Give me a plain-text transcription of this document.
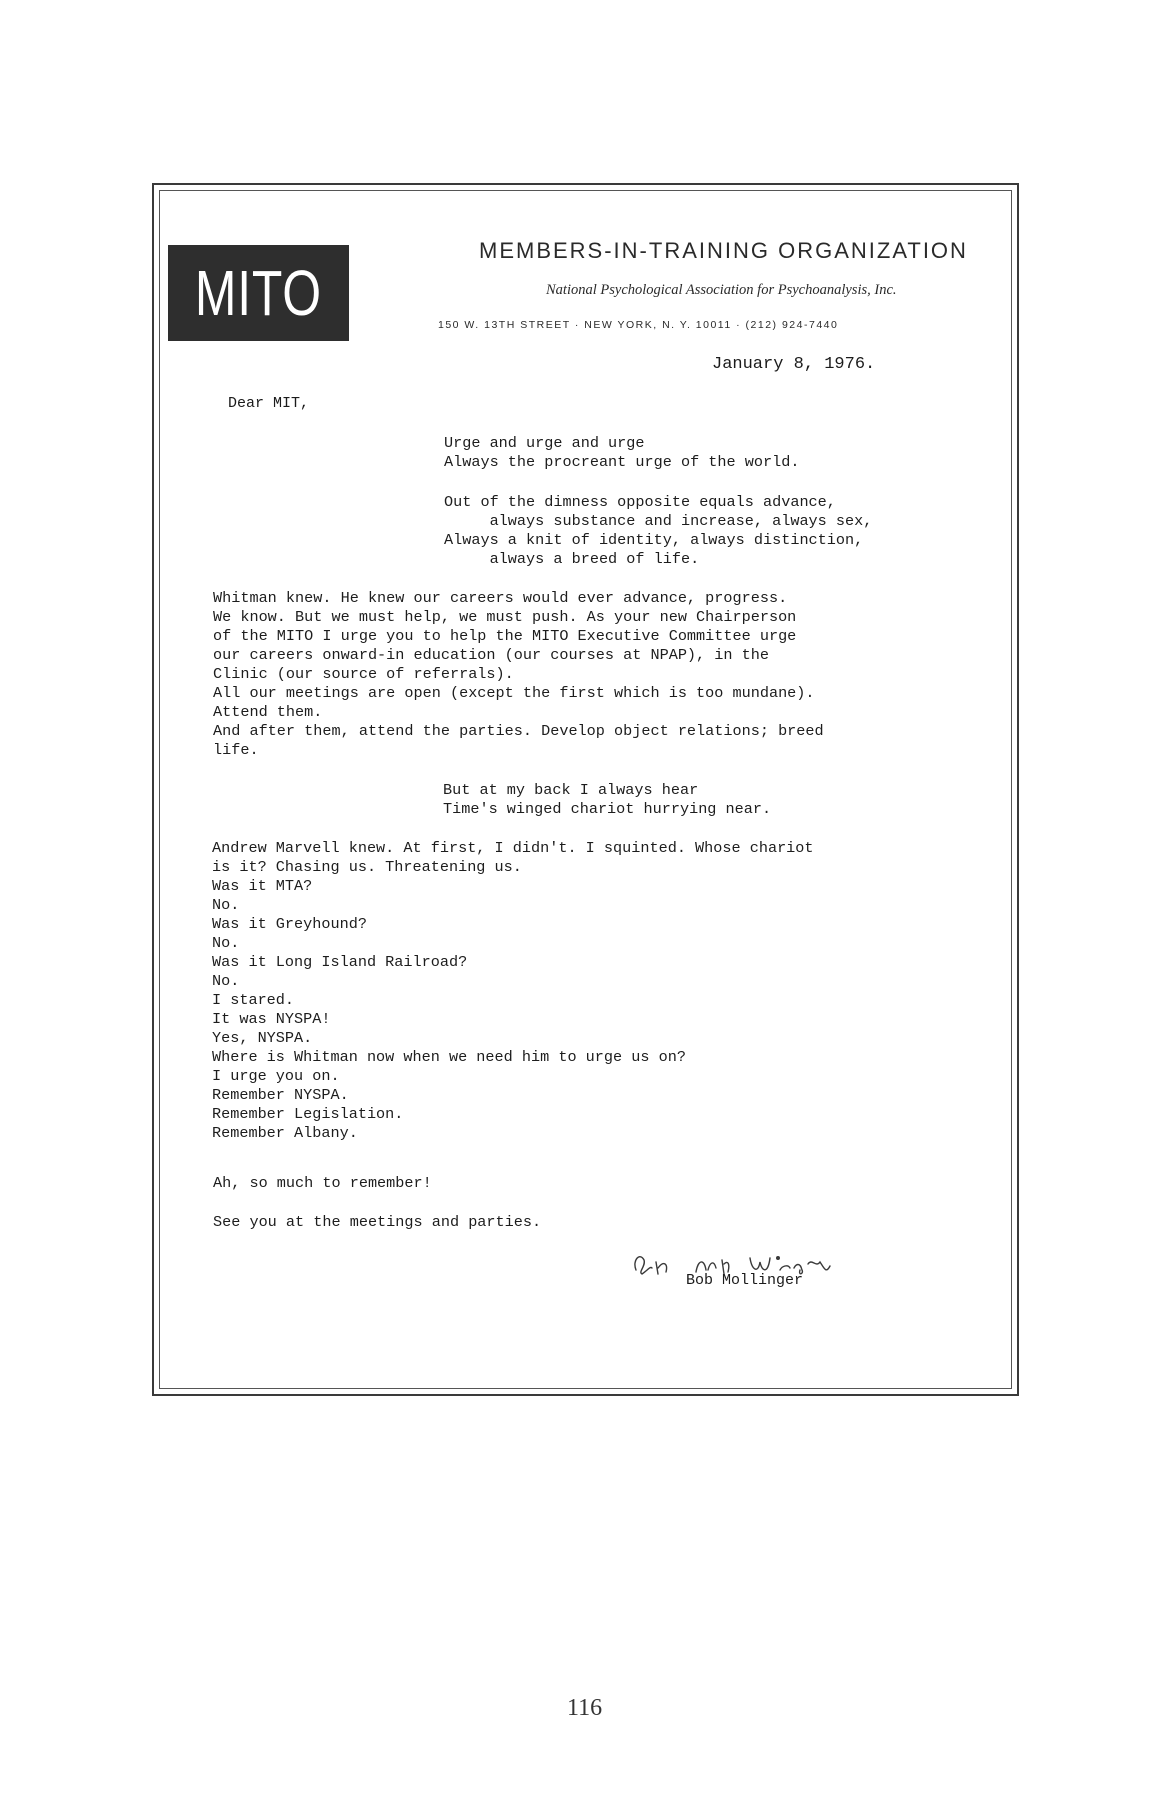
MITO
MEMBERS-IN-TRAINING ORGANIZATION
National Psychological Association for Psychoanalysis, Inc.
150 W. 13TH STREET · NEW YORK, N. Y. 10011 · (212) 924-7440
January 8, 1976.
Dear MIT,
Urge and urge and urge
Always the procreant urge of the world.
Out of the dimness opposite equals advance,
always substance and increase, always sex,
Always a knit of identity, always distinction,
always a breed of life.
Whitman knew. He knew our careers would ever advance, progress.
We know. But we must help, we must push. As your new Chairperson
of the MITO I urge you to help the MITO Executive Committee urge
our careers onward-in education (our courses at NPAP), in the
Clinic (our source of referrals).
All our meetings are open (except the first which is too mundane).
Attend them.
And after them, attend the parties. Develop object relations; breed
life.
But at my back I always hear
Time's winged chariot hurrying near.
Andrew Marvell knew. At first, I didn't. I squinted. Whose chariot
is it? Chasing us. Threatening us.
Was it MTA?
No.
Was it Greyhound?
No.
Was it Long Island Railroad?
No.
I stared.
It was NYSPA!
Yes, NYSPA.
Where is Whitman now when we need him to urge us on?
I urge you on.
Remember NYSPA.
Remember Legislation.
Remember Albany.
Ah, so much to remember!
See you at the meetings and parties.
Bob Mollinger
116
